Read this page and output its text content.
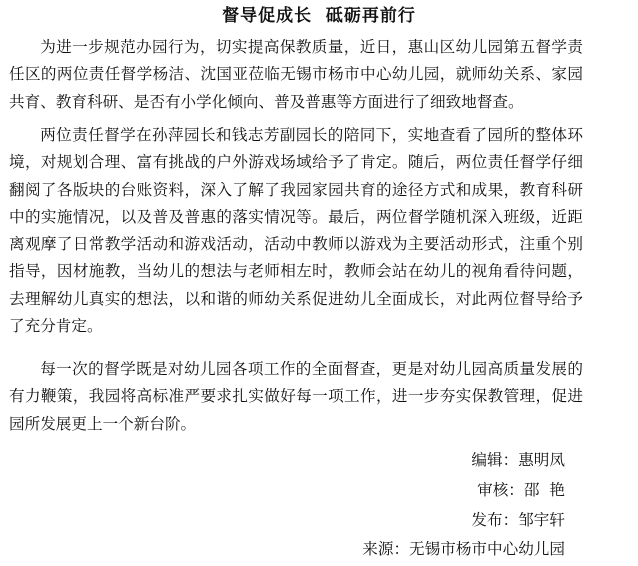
督导促成长  砥砺再前行

为进一步规范办园行为，切实提高保教质量，近日，惠山区幼儿园第五督学责任区的两位责任督学杨洁、沈国亚莅临无锡市杨市中心幼儿园，就师幼关系、家园共育、教育科研、是否有小学化倾向、普及普惠等方面进行了细致地督查。

两位责任督学在孙萍园长和钱志芳副园长的陪同下，实地查看了园所的整体环境，对规划合理、富有挑战的户外游戏场域给予了肯定。随后，两位责任督学仔细翻阅了各版块的台账资料，深入了解了我园家园共育的途径方式和成果，教育科研中的实施情况，以及普及普惠的落实情况等。最后，两位督学随机深入班级，近距离观摩了日常教学活动和游戏活动，活动中教师以游戏为主要活动形式，注重个别指导，因材施教，当幼儿的想法与老师相左时，教师会站在幼儿的视角看待问题，去理解幼儿真实的想法，以和谐的师幼关系促进幼儿全面成长，对此两位督导给予了充分肯定。

每一次的督学既是对幼儿园各项工作的全面督查，更是对幼儿园高质量发展的有力鞭策，我园将高标准严要求扎实做好每一项工作，进一步夯实保教管理，促进园所发展更上一个新台阶。

编辑：惠明凤
审核：邵  艳
发布：邹宇轩
来源：无锡市杨市中心幼儿园
